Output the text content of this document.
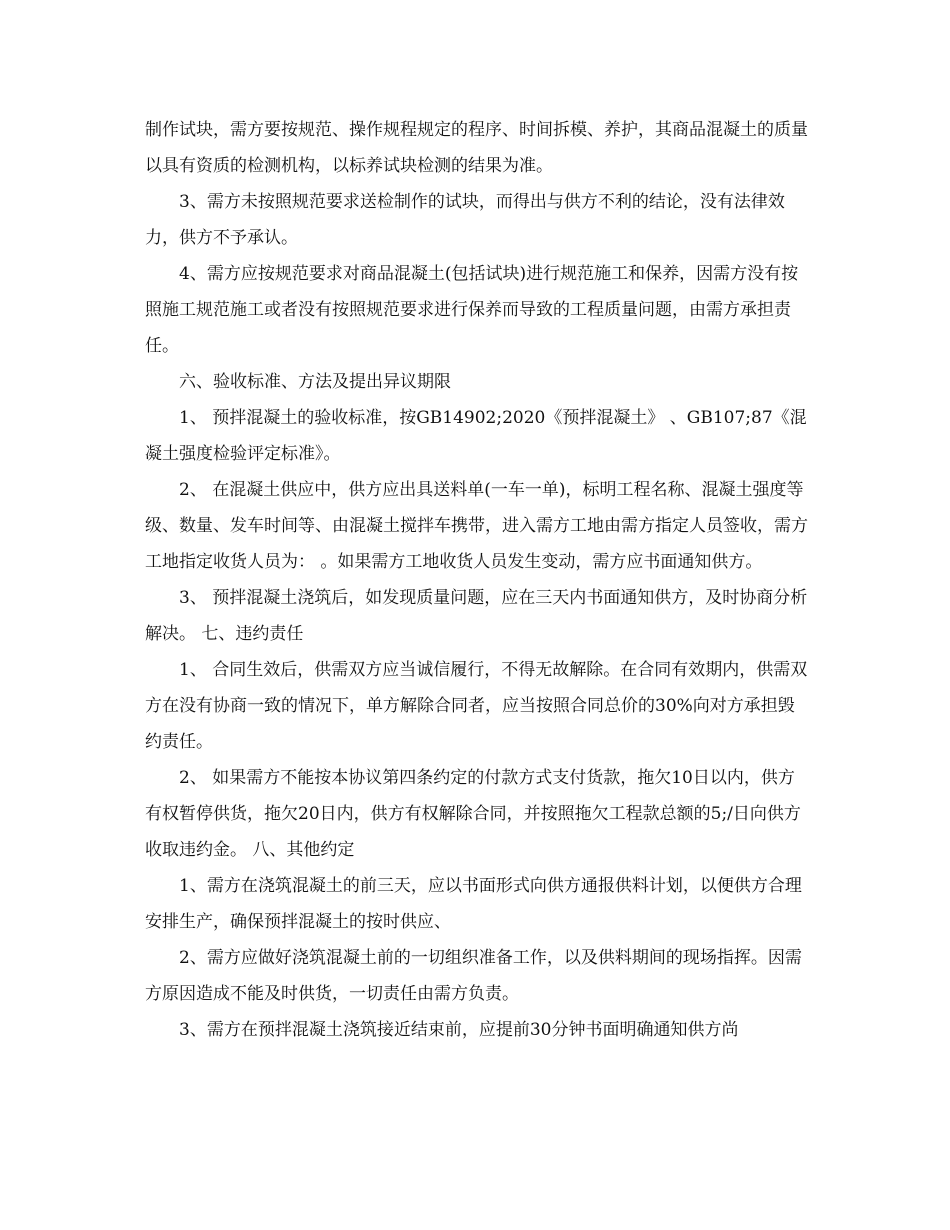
制作试块，需方要按规范、操作规程规定的程序、时间拆模、养护，其商品混凝土的质量以具有资质的检测机构，以标养试块检测的结果为准。

3、需方未按照规范要求送检制作的试块，而得出与供方不利的结论，没有法律效力，供方不予承认。

4、需方应按规范要求对商品混凝土(包括试块)进行规范施工和保养，因需方没有按照施工规范施工或者没有按照规范要求进行保养而导致的工程质量问题，由需方承担责任。

六、验收标准、方法及提出异议期限

1、 预拌混凝土的验收标准，按GB14902;2020《预拌混凝土》 、GB107;87《混凝土强度检验评定标准》。

2、 在混凝土供应中，供方应出具送料单(一车一单)，标明工程名称、混凝土强度等级、数量、发车时间等、由混凝土搅拌车携带，进入需方工地由需方指定人员签收，需方工地指定收货人员为： 。如果需方工地收货人员发生变动，需方应书面通知供方。

3、 预拌混凝土浇筑后，如发现质量问题，应在三天内书面通知供方，及时协商分析解决。 七、违约责任

1、 合同生效后，供需双方应当诚信履行，不得无故解除。在合同有效期内，供需双方在没有协商一致的情况下，单方解除合同者，应当按照合同总价的30%向对方承担毁约责任。

2、 如果需方不能按本协议第四条约定的付款方式支付货款，拖欠10日以内，供方有权暂停供货，拖欠20日内，供方有权解除合同，并按照拖欠工程款总额的5;/日向供方收取违约金。 八、其他约定

1、需方在浇筑混凝土的前三天，应以书面形式向供方通报供料计划，以便供方合理安排生产，确保预拌混凝土的按时供应、

2、需方应做好浇筑混凝土前的一切组织准备工作，以及供料期间的现场指挥。因需方原因造成不能及时供货，一切责任由需方负责。

3、需方在预拌混凝土浇筑接近结束前，应提前30分钟书面明确通知供方尚
